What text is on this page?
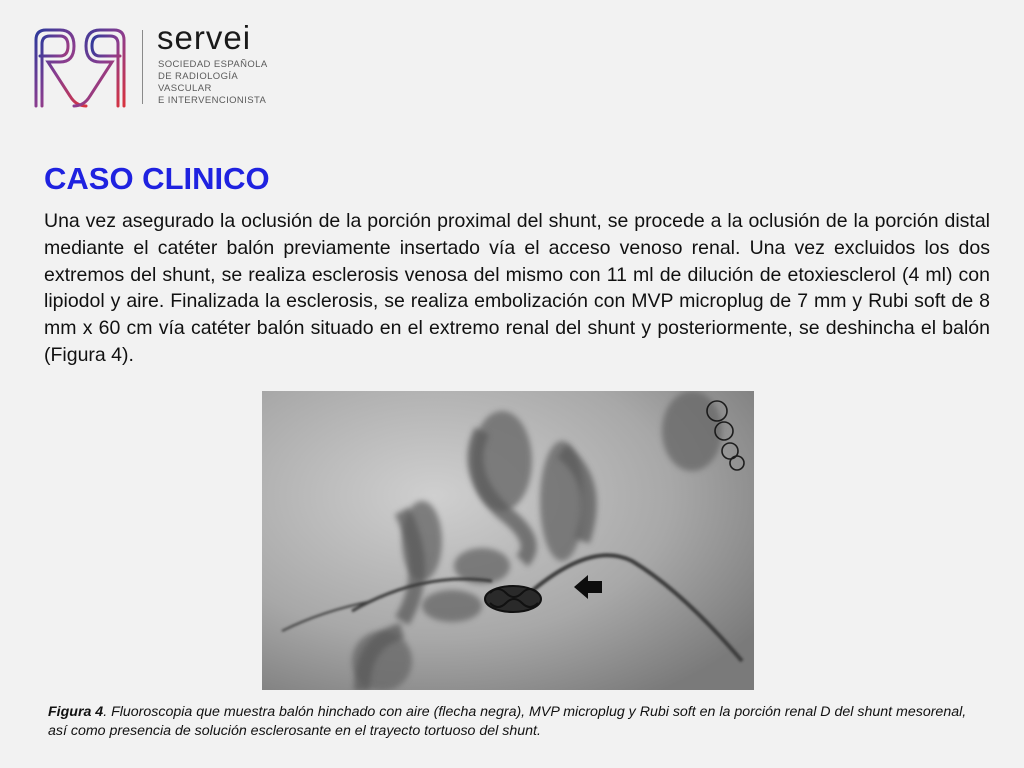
servei
SOCIEDAD ESPAÑOLA
DE RADIOLOGÍA
VASCULAR
E INTERVENCIONISTA
CASO CLINICO
Una vez asegurado la oclusión de la porción proximal del shunt, se procede a la oclusión de la porción distal mediante el catéter balón previamente insertado vía el acceso venoso renal. Una vez excluidos los dos extremos del shunt, se realiza esclerosis venosa del mismo con 11 ml de dilución de etoxiesclerol (4 ml) con lipiodol y aire. Finalizada la esclerosis, se realiza embolización con MVP microplug de 7 mm y Rubi soft de 8 mm x 60 cm vía catéter balón situado en el extremo renal del shunt y posteriormente, se deshincha el balón (Figura 4).
Figura 4. Fluoroscopia que muestra balón hinchado con aire (flecha negra), MVP microplug y Rubi soft en la porción renal D del shunt mesorenal, así como presencia de solución esclerosante en el trayecto tortuoso del shunt.
